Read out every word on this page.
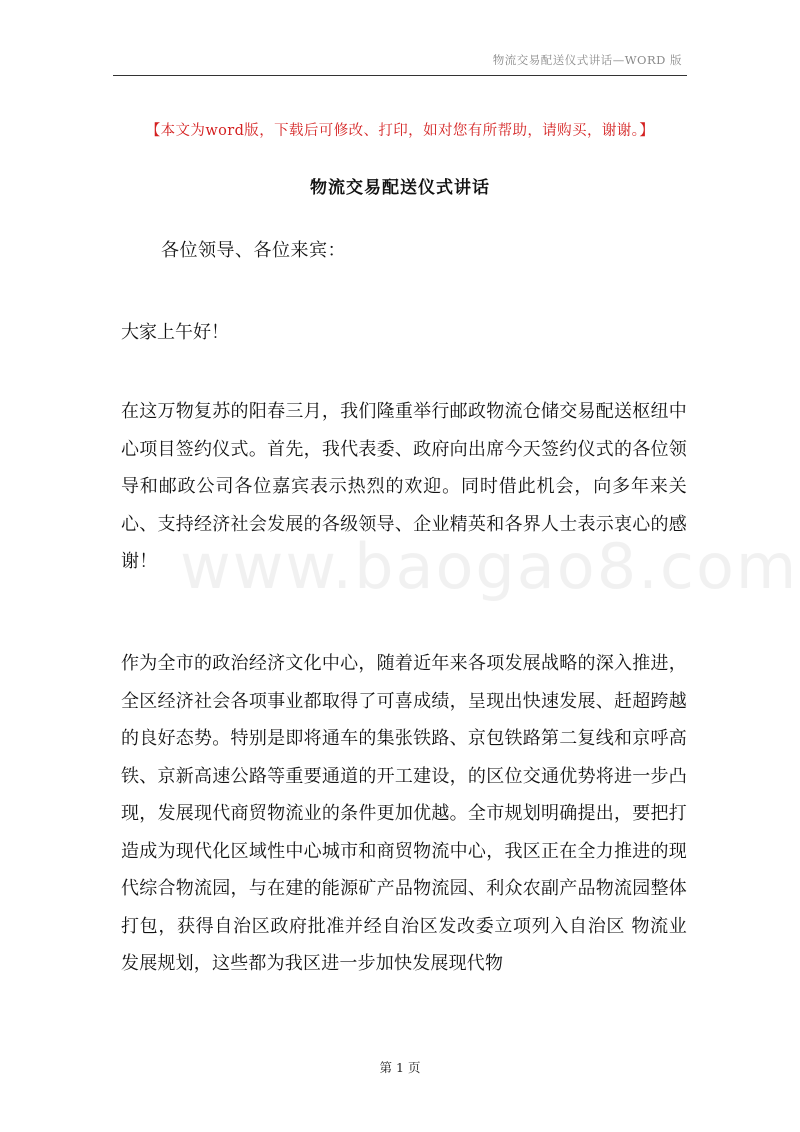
物流交易配送仪式讲话—WORD 版
【本文为word版，下载后可修改、打印，如对您有所帮助，请购买，谢谢。】
物流交易配送仪式讲话
各位领导、各位来宾：
大家上午好！

在这万物复苏的阳春三月，我们隆重举行邮政物流仓储交易配送枢纽中心项目签约仪式。首先，我代表委、政府向出席今天签约仪式的各位领导和邮政公司各位嘉宾表示热烈的欢迎。同时借此机会，向多年来关心、支持经济社会发展的各级领导、企业精英和各界人士表示衷心的感谢！ www.baogao8.com

作为全市的政治经济文化中心，随着近年来各项发展战略的深入推进，全区经济社会各项事业都取得了可喜成绩，呈现出快速发展、赶超跨越的良好态势。特别是即将通车的集张铁路、京包铁路第二复线和京呼高铁、京新高速公路等重要通道的开工建设，的区位交通优势将进一步凸现，发展现代商贸物流业的条件更加优越。全市规划明确提出，要把打造成为现代化区域性中心城市和商贸物流中心，我区正在全力推进的现代综合物流园，与在建的能源矿产品物流园、利众农副产品物流园整体打包，获得自治区政府批准并经自治区发改委立项列入自治区 物流业发展规划，这些都为我区进一步加快发展现代物

第 1 页
